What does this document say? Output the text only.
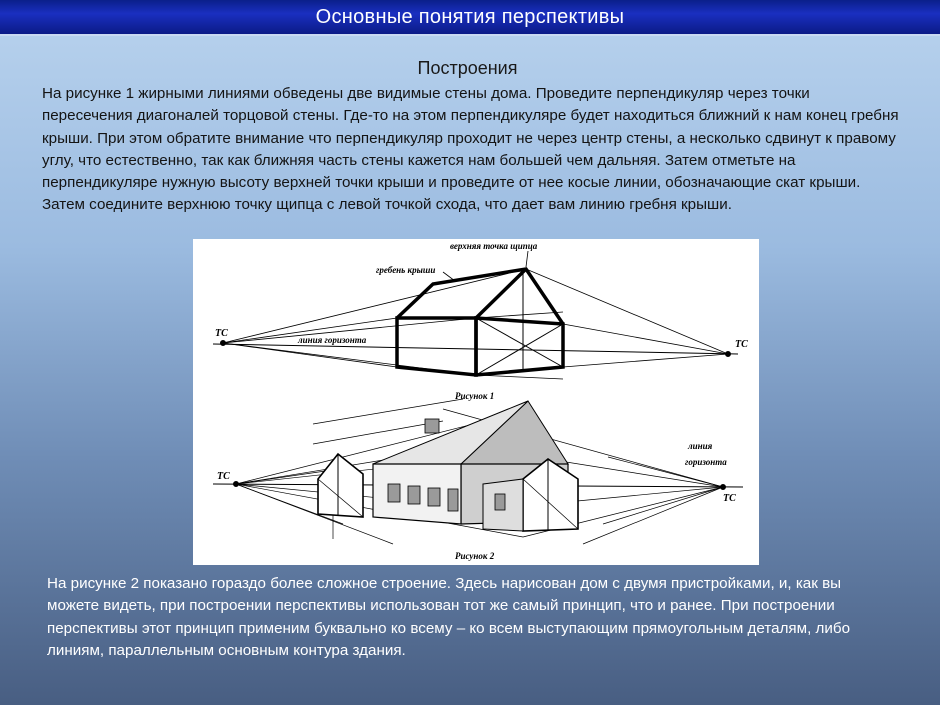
Основные понятия перспективы
Построения
На рисунке 1 жирными линиями обведены две видимые стены дома. Проведите перпендикуляр через точки пересечения диагоналей торцовой стены. Где-то на этом перпендикуляре будет находиться ближний к нам конец гребня крыши. При этом обратите внимание что перпендикуляр проходит не через центр стены, а несколько сдвинут к правому углу, что естественно, так как ближняя часть стены кажется нам большей чем дальняя. Затем отметьте на перпендикуляре нужную высоту верхней точки крыши и проведите от нее косые линии, обозначающие скат крыши. Затем соедините верхнюю точку щипца с левой точкой схода, что дает вам линию гребня крыши.
верхняя точка щипца
гребень крыши
линия горизонта
ТС
ТС
Рисунок 1
ТС
ТС
линия
горизонта
Рисунок 2
На рисунке 2 показано гораздо более сложное строение. Здесь нарисован дом с двумя пристройками, и, как вы можете видеть, при построении перспективы использован тот же самый принцип, что и ранее. При построении перспективы этот принцип применим буквально ко всему – ко всем выступающим прямоугольным деталям, либо линиям, параллельным основным контура здания.
